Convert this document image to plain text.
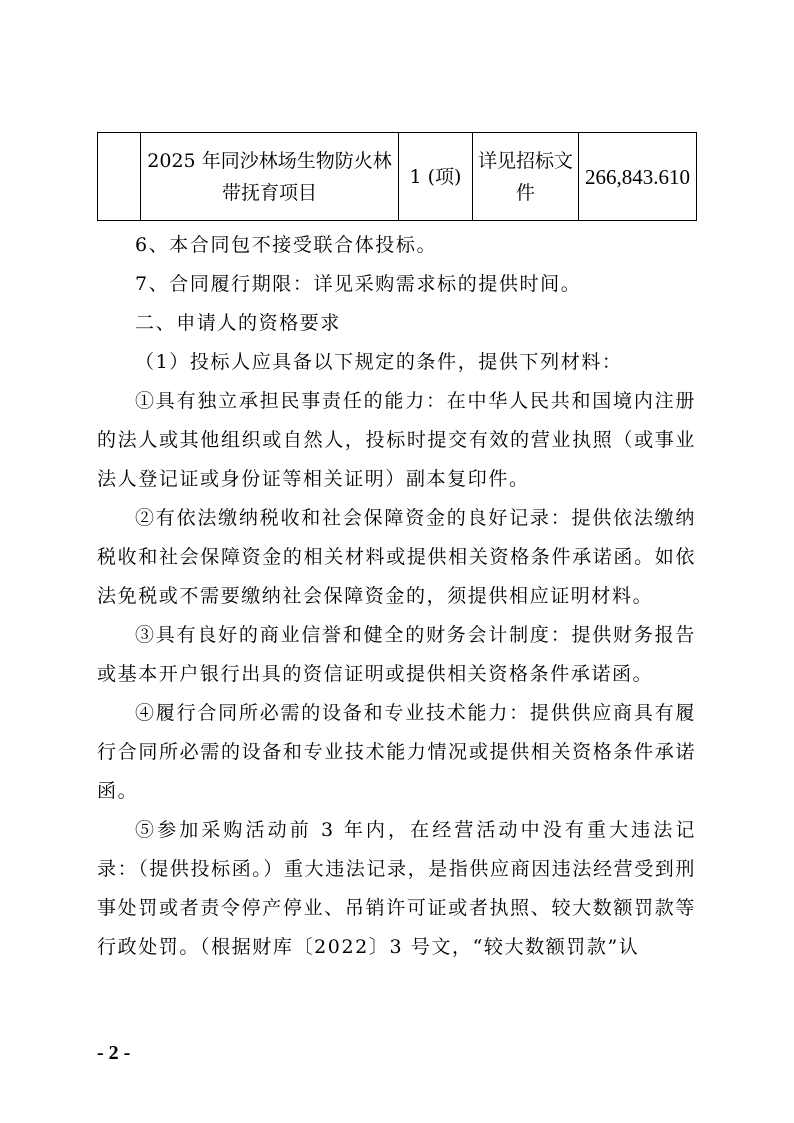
	2025 年同沙林场生物防火林带抚育项目	1 (项)	详见招标文件	266,843.610

6、本合同包不接受联合体投标。

7、合同履行期限：详见采购需求标的提供时间。

二、申请人的资格要求

（1）投标人应具备以下规定的条件，提供下列材料：

①具有独立承担民事责任的能力：在中华人民共和国境内注册的法人或其他组织或自然人，投标时提交有效的营业执照（或事业法人登记证或身份证等相关证明）副本复印件。

②有依法缴纳税收和社会保障资金的良好记录：提供依法缴纳税收和社会保障资金的相关材料或提供相关资格条件承诺函。如依法免税或不需要缴纳社会保障资金的，须提供相应证明材料。

③具有良好的商业信誉和健全的财务会计制度：提供财务报告或基本开户银行出具的资信证明或提供相关资格条件承诺函。

④履行合同所必需的设备和专业技术能力：提供供应商具有履行合同所必需的设备和专业技术能力情况或提供相关资格条件承诺函。

⑤参加采购活动前 3 年内，在经营活动中没有重大违法记录：（提供投标函。）重大违法记录，是指供应商因违法经营受到刑事处罚或者责令停产停业、吊销许可证或者执照、较大数额罚款等行政处罚。（根据财库〔2022〕3 号文，“较大数额罚款”认

- 2 -
